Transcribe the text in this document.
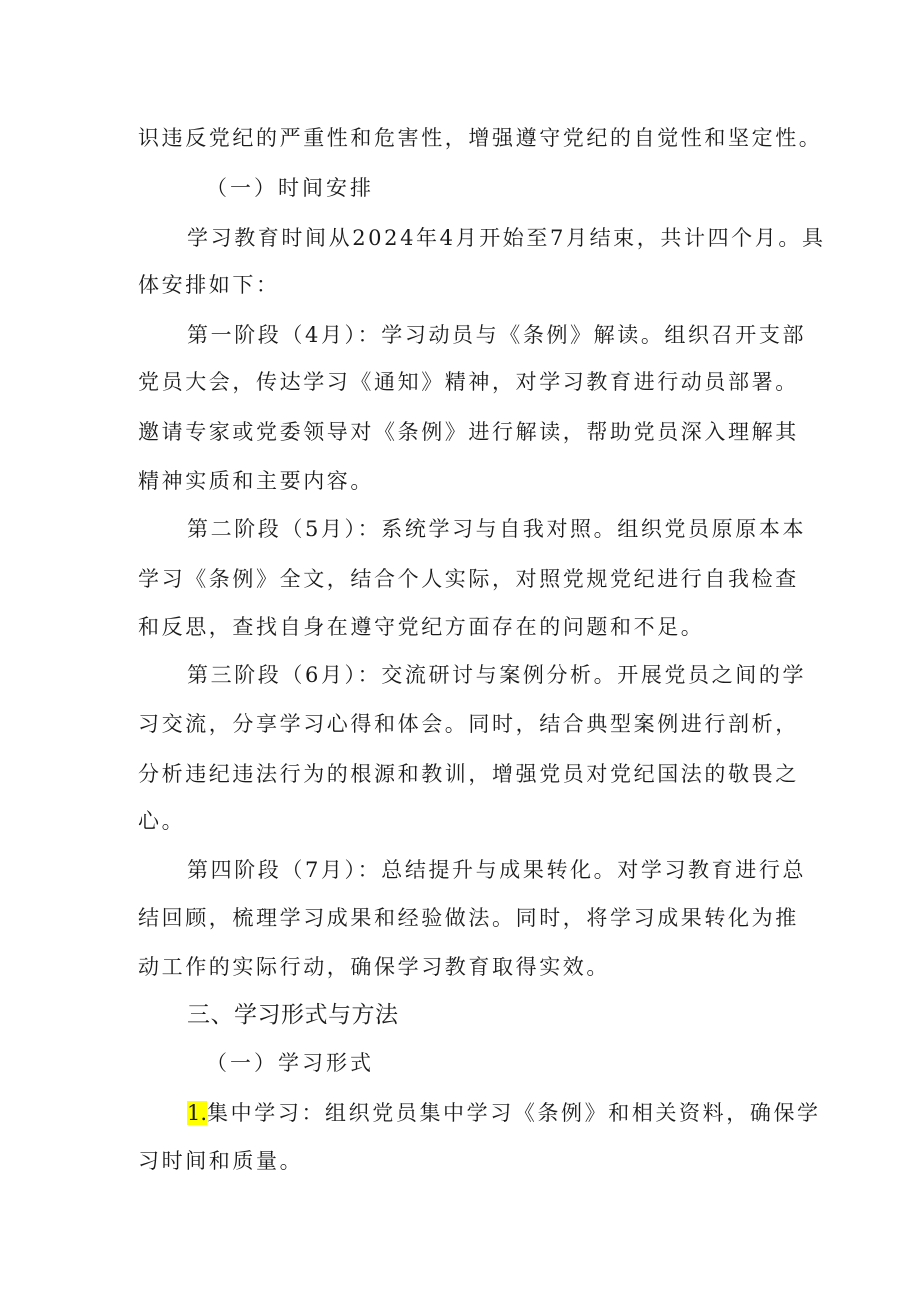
识违反党纪的严重性和危害性，增强遵守党纪的自觉性和坚定性。
（一）时间安排
学习教育时间从2024年4月开始至7月结束，共计四个月。具
体安排如下：
第一阶段（4月）：学习动员与《条例》解读。组织召开支部
党员大会，传达学习《通知》精神，对学习教育进行动员部署。
邀请专家或党委领导对《条例》进行解读，帮助党员深入理解其
精神实质和主要内容。
第二阶段（5月）：系统学习与自我对照。组织党员原原本本
学习《条例》全文，结合个人实际，对照党规党纪进行自我检查
和反思，查找自身在遵守党纪方面存在的问题和不足。
第三阶段（6月）：交流研讨与案例分析。开展党员之间的学
习交流，分享学习心得和体会。同时，结合典型案例进行剖析，
分析违纪违法行为的根源和教训，增强党员对党纪国法的敬畏之
心。
第四阶段（7月）：总结提升与成果转化。对学习教育进行总
结回顾，梳理学习成果和经验做法。同时，将学习成果转化为推
动工作的实际行动，确保学习教育取得实效。
三、学习形式与方法
（一）学习形式
1.集中学习：组织党员集中学习《条例》和相关资料，确保学
习时间和质量。
